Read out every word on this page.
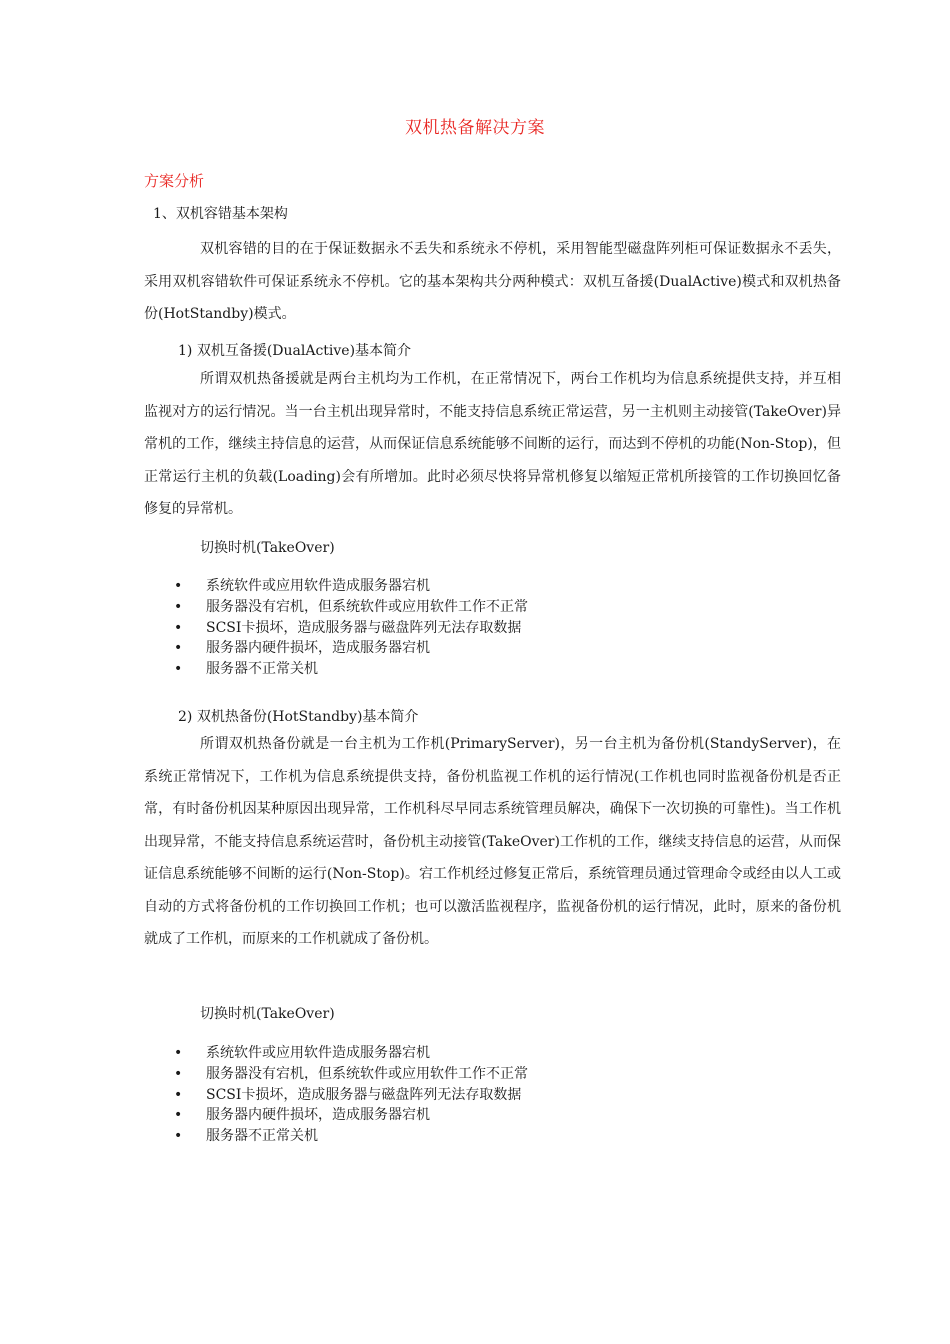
双机热备解决方案
方案分析
1、双机容错基本架构

双机容错的目的在于保证数据永不丢失和系统永不停机，采用智能型磁盘阵列柜可保证数据永不丢失，采用双机容错软件可保证系统永不停机。它的基本架构共分两种模式：双机互备援(DualActive)模式和双机热备份(HotStandby)模式。

1) 双机互备援(DualActive)基本简介

所谓双机热备援就是两台主机均为工作机，在正常情况下，两台工作机均为信息系统提供支持，并互相监视对方的运行情况。当一台主机出现异常时，不能支持信息系统正常运营，另一主机则主动接管(TakeOver)异常机的工作，继续主持信息的运营，从而保证信息系统能够不间断的运行，而达到不停机的功能(Non-Stop)，但正常运行主机的负载(Loading)会有所增加。此时必须尽快将异常机修复以缩短正常机所接管的工作切换回忆备修复的异常机。

切换时机(TakeOver)
• 系统软件或应用软件造成服务器宕机
• 服务器没有宕机，但系统软件或应用软件工作不正常
• SCSI卡损坏，造成服务器与磁盘阵列无法存取数据
• 服务器内硬件损坏，造成服务器宕机
• 服务器不正常关机
2) 双机热备份(HotStandby)基本简介

所谓双机热备份就是一台主机为工作机(PrimaryServer)，另一台主机为备份机(StandyServer)，在系统正常情况下，工作机为信息系统提供支持，备份机监视工作机的运行情况(工作机也同时监视备份机是否正常，有时备份机因某种原因出现异常，工作机科尽早同志系统管理员解决，确保下一次切换的可靠性)。当工作机出现异常，不能支持信息系统运营时，备份机主动接管(TakeOver)工作机的工作，继续支持信息的运营，从而保证信息系统能够不间断的运行(Non-Stop)。宕工作机经过修复正常后，系统管理员通过管理命令或经由以人工或自动的方式将备份机的工作切换回工作机；也可以激活监视程序，监视备份机的运行情况，此时，原来的备份机就成了工作机，而原来的工作机就成了备份机。

切换时机(TakeOver)
• 系统软件或应用软件造成服务器宕机
• 服务器没有宕机，但系统软件或应用软件工作不正常
• SCSI卡损坏，造成服务器与磁盘阵列无法存取数据
• 服务器内硬件损坏，造成服务器宕机
• 服务器不正常关机
